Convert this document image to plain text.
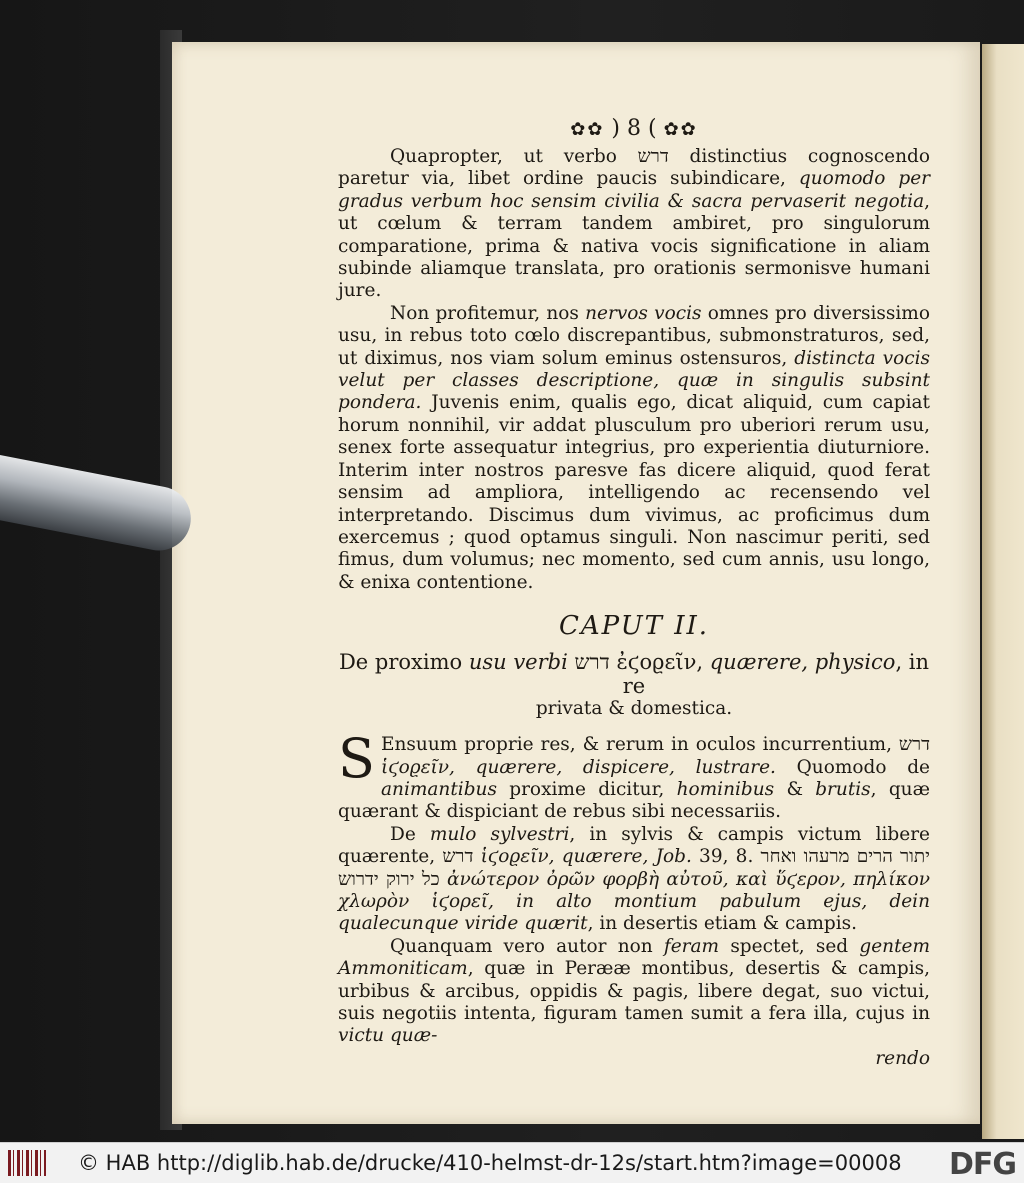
✿✿ ) 8 ( ✿✿

Quapropter, ut verbo דרש distinctius cognoscendo paretur via, libet ordine paucis subindicare, quomodo per gradus verbum hoc sensim civilia & sacra pervaserit negotia, ut cœlum & terram tandem ambiret, pro singulorum comparatione, prima & nativa vocis significatione in aliam subinde aliamque translata, pro orationis sermonisve humani jure.

Non profitemur, nos nervos vocis omnes pro diversissimo usu, in rebus toto cœlo discrepantibus, submonstraturos, sed, ut diximus, nos viam solum eminus ostensuros, distincta vocis velut per classes descriptione, quæ in singulis subsint pondera. Juvenis enim, qualis ego, dicat aliquid, cum capiat horum nonnihil, vir addat plusculum pro uberiori rerum usu, senex forte assequatur integrius, pro experientia diuturniore. Interim inter nostros paresve fas dicere aliquid, quod ferat sensim ad ampliora, intelligendo ac recensendo vel interpretando. Discimus dum vivimus, ac proficimus dum exercemus ; quod optamus singuli. Non nascimur periti, sed fimus, dum volumus; nec momento, sed cum annis, usu longo, & enixa contentione.

CAPUT II.

De proximo usu verbi דרש ἐϛοϱεῖν, quærere, physico, in re

privata & domestica.

S Ensuum proprie res, & rerum in oculos incurrentium, דרש ἱϛοϱεῖν, quærere, dispicere, lustrare. Quomodo de animantibus proxime dicitur, hominibus & brutis, quæ quærant & dispiciant de rebus sibi necessariis.

De mulo sylvestri, in sylvis & campis victum libere quærente, דרש ἱϛοϱεῖν, quærere, Job. 39, 8. יתור הרים מרעהו ואחר כל ירוק ידרוש ἀνώτερον ὀρῶν φορβὴ αὐτοῦ, καὶ ὕϛερον, πηλίκον χλωρὸν ἱϛορεῖ, in alto montium pabulum ejus, dein qualecunque viride quærit, in desertis etiam & campis.

Quanquam vero autor non feram spectet, sed gentem Ammoniticam, quæ in Perææ montibus, desertis & campis, urbibus & arcibus, oppidis & pagis, libere degat, suo victui, suis negotiis intenta, figuram tamen sumit a fera illa, cujus in victu quæ-

rendo

© HAB http://diglib.hab.de/drucke/410-helmst-dr-12s/start.htm?image=00008 DFG
